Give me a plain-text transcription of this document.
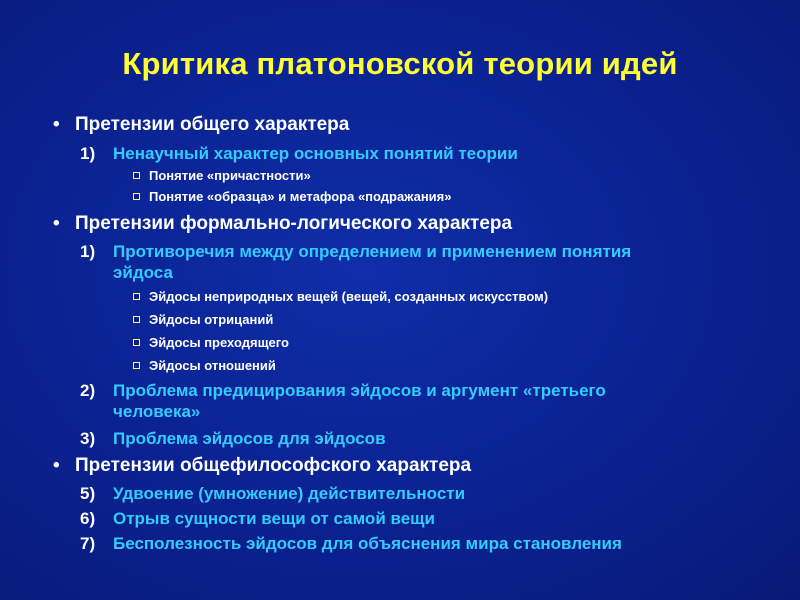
Критика платоновской теории идей
• Претензии общего характера
1) Ненаучный характер основных понятий теории
Понятие «причастности»
Понятие «образца» и метафора «подражания»
• Претензии формально-логического характера
1) Противоречия между определением и применением понятия
эйдоса
Эйдосы неприродных вещей (вещей, созданных искусством)
Эйдосы отрицаний
Эйдосы преходящего
Эйдосы отношений
2) Проблема предицирования эйдосов и аргумент «третьего
человека»
3) Проблема эйдосов для эйдосов
• Претензии общефилософского характера
5) Удвоение (умножение) действительности
6) Отрыв сущности вещи от самой вещи
7) Бесполезность эйдосов для объяснения мира становления
